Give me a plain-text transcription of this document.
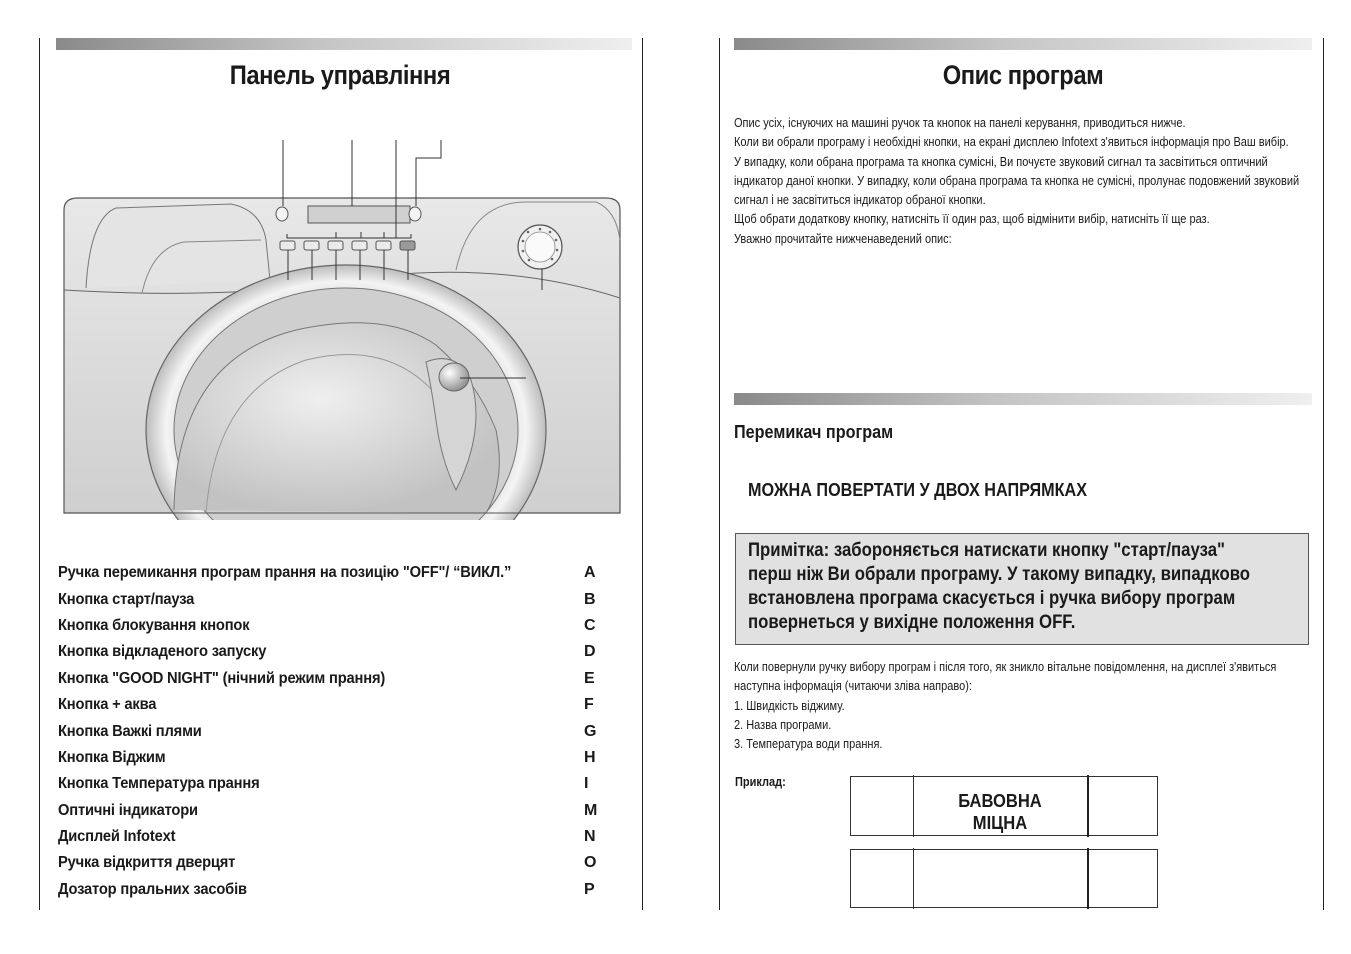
Панель управління
Ручка перемикання програм прання на позицію "OFF"/ “ВИКЛ.”	A
Кнопка старт/пауза	B
Кнопка блокування кнопок	C
Кнопка відкладеного запуску	D
Кнопка "GOOD NIGHT" (нічний режим прання)	E
Кнопка + аква	F
Кнопка Важкі плями	G
Кнопка Віджим	H
Кнопка Температура прання	I
Оптичні індикатори	M
Дисплей Infotext	N
Ручка відкриття дверцят	O
Дозатор пральних засобів	P
Опис програм

Опис усіх, існуючих на машині ручок та кнопок на панелі керування, приводиться нижче.

Коли ви обрали програму і необхідні кнопки, на екрані дисплею Infotext з'явиться інформація про Ваш вибір.

У випадку, коли обрана програма та кнопка сумісні, Ви почуєте звуковий сигнал та засвітиться оптичний індикатор даної кнопки. У випадку, коли обрана програма та кнопка не сумісні, пролунає подовжений звуковий сигнал і не засвітиться індикатор обраної кнопки.

Щоб обрати додаткову кнопку, натисніть її один раз, щоб відмінити вибір, натисніть її ще раз.

Уважно прочитайте нижченаведений опис:

Перемикач програм
МОЖНА ПОВЕРТАТИ У ДВОХ НАПРЯМКАХ
Примітка: забороняється натискати кнопку "старт/пауза" перш ніж Ви обрали програму. У такому випадку, випадково встановлена програма скасується і ручка вибору програм повернеться у вихідне положення OFF.

Коли повернули ручку вибору програм і після того, як зникло вітальне повідомлення, на дисплеї з'явиться наступна інформація (читаючи зліва направо):

1. Швидкість віджиму.

2. Назва програми.

3. Температура води прання.

Приклад:
БАВОВНА
МІЦНА
